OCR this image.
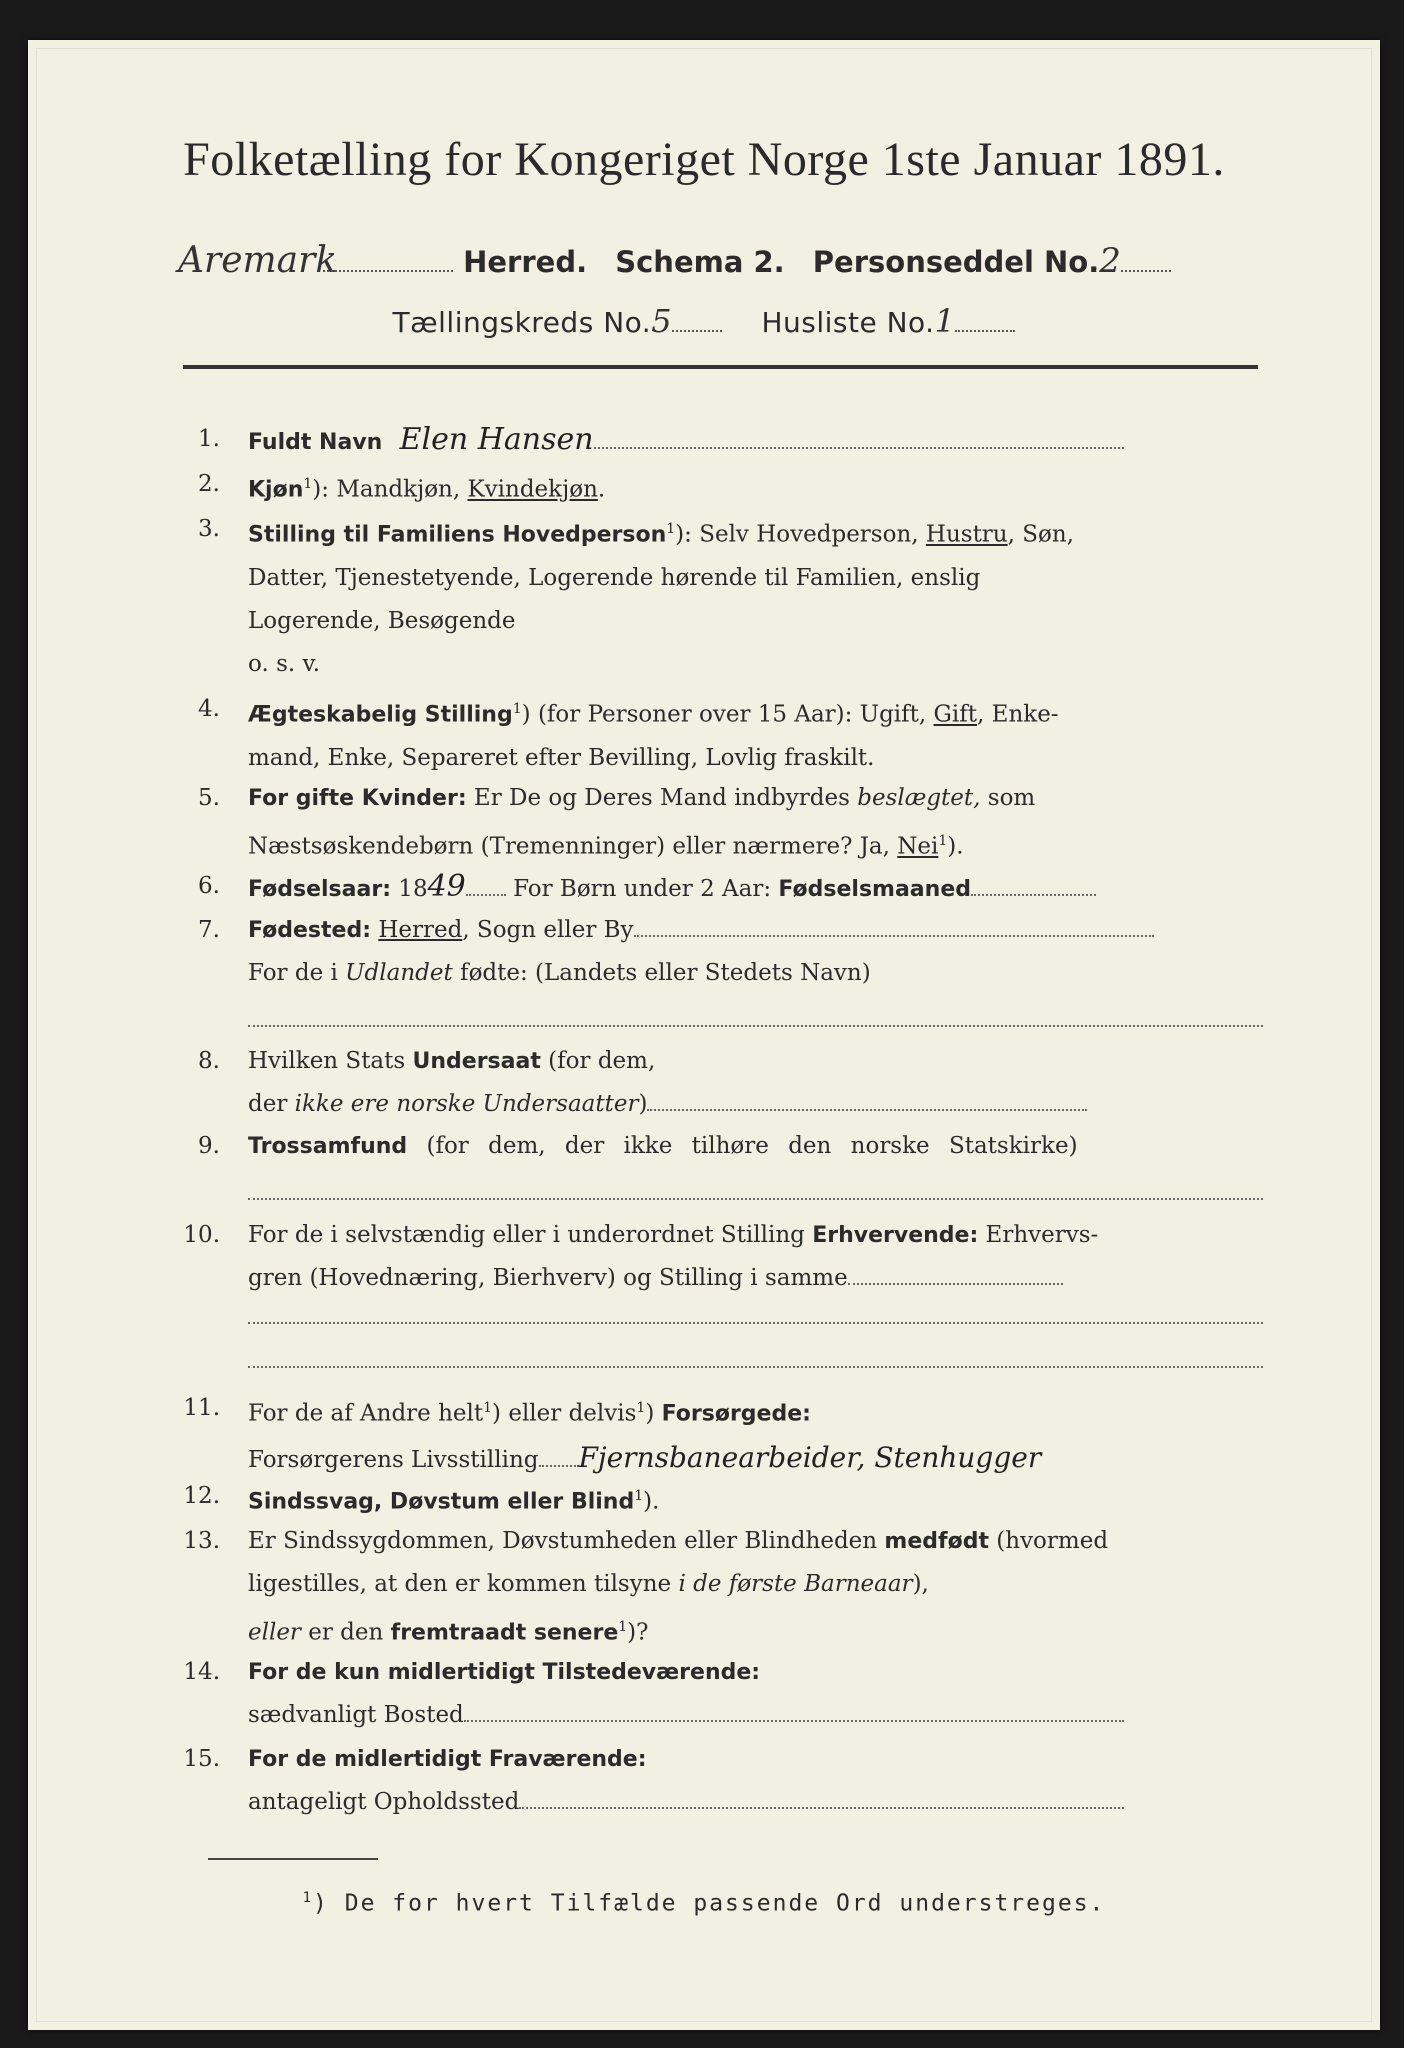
Folketælling for Kongeriget Norge 1ste Januar 1891.
Aremark	Herred. Schema 2. Personseddel No.2
Tællingskreds No.5	Husliste No.1
1. Fuldt Navn Elen Hansen
2. Kjøn$^1$): Mandkjøn, Kvindekjøn.
3. Stilling til Familiens Hovedperson$^1$): Selv Hovedperson, Hustru, Søn,
Datter, Tjenestetyende, Logerende hørende til Familien, enslig
Logerende, Besøgende
o. s. v.
4. Ægteskabelig Stilling$^1$) (for Personer over 15 Aar): Ugift, Gift, Enke-
mand, Enke, Separeret efter Bevilling, Lovlig fraskilt.
5. For gifte Kvinder: Er De og Deres Mand indbyrdes beslægtet, som
Næstsøskendebørn (Tremenninger) eller nærmere? Ja, Nei$^1$).
6. Fødselsaar: 1849 For Børn under 2 Aar: Fødselsmaaned
7. Fødested: Herred, Sogn eller By
For de i Udlandet fødte: (Landets eller Stedets Navn)
8. Hvilken Stats Undersaat (for dem,
der ikke ere norske Undersaatter)
9. Trossamfund (for dem, der ikke tilhøre den norske Statskirke)
10. For de i selvstændig eller i underordnet Stilling Erhvervende: Erhvervs-
gren (Hovednæring, Bierhverv) og Stilling i samme
11. For de af Andre helt$^1$) eller delvis$^1$) Forsørgede:
Forsørgerens Livsstilling Fjernsbanearbeider, Stenhugger
12. Sindssvag, Døvstum eller Blind$^1$).
13. Er Sindssygdommen, Døvstumheden eller Blindheden medfødt (hvormed
ligestilles, at den er kommen tilsyne i de første Barneaar),
eller er den fremtraadt senere$^1$)?
14. For de kun midlertidigt Tilstedeværende:
sædvanligt Bosted
15. For de midlertidigt Fraværende:
antageligt Opholdssted
$^1$) De for hvert Tilfælde passende Ord understreges.
